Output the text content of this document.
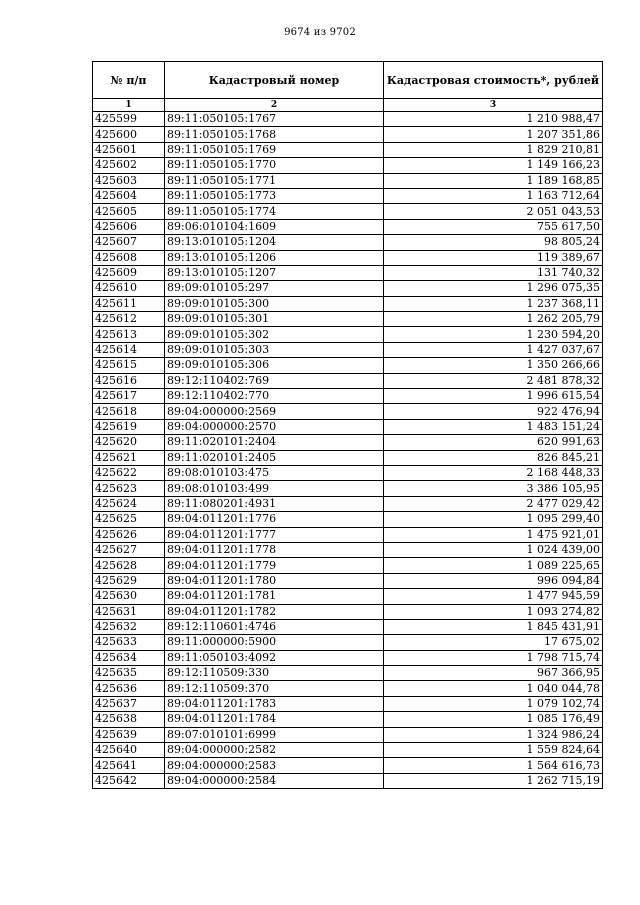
9674 из 9702
№ п/п	Кадастровый номер	Кадастровая стоимость*, рублей
1	2	3
425599	89:11:050105:1767	1 210 988,47
425600	89:11:050105:1768	1 207 351,86
425601	89:11:050105:1769	1 829 210,81
425602	89:11:050105:1770	1 149 166,23
425603	89:11:050105:1771	1 189 168,85
425604	89:11:050105:1773	1 163 712,64
425605	89:11:050105:1774	2 051 043,53
425606	89:06:010104:1609	755 617,50
425607	89:13:010105:1204	98 805,24
425608	89:13:010105:1206	119 389,67
425609	89:13:010105:1207	131 740,32
425610	89:09:010105:297	1 296 075,35
425611	89:09:010105:300	1 237 368,11
425612	89:09:010105:301	1 262 205,79
425613	89:09:010105:302	1 230 594,20
425614	89:09:010105:303	1 427 037,67
425615	89:09:010105:306	1 350 266,66
425616	89:12:110402:769	2 481 878,32
425617	89:12:110402:770	1 996 615,54
425618	89:04:000000:2569	922 476,94
425619	89:04:000000:2570	1 483 151,24
425620	89:11:020101:2404	620 991,63
425621	89:11:020101:2405	826 845,21
425622	89:08:010103:475	2 168 448,33
425623	89:08:010103:499	3 386 105,95
425624	89:11:080201:4931	2 477 029,42
425625	89:04:011201:1776	1 095 299,40
425626	89:04:011201:1777	1 475 921,01
425627	89:04:011201:1778	1 024 439,00
425628	89:04:011201:1779	1 089 225,65
425629	89:04:011201:1780	996 094,84
425630	89:04:011201:1781	1 477 945,59
425631	89:04:011201:1782	1 093 274,82
425632	89:12:110601:4746	1 845 431,91
425633	89:11:000000:5900	17 675,02
425634	89:11:050103:4092	1 798 715,74
425635	89:12:110509:330	967 366,95
425636	89:12:110509:370	1 040 044,78
425637	89:04:011201:1783	1 079 102,74
425638	89:04:011201:1784	1 085 176,49
425639	89:07:010101:6999	1 324 986,24
425640	89:04:000000:2582	1 559 824,64
425641	89:04:000000:2583	1 564 616,73
425642	89:04:000000:2584	1 262 715,19
